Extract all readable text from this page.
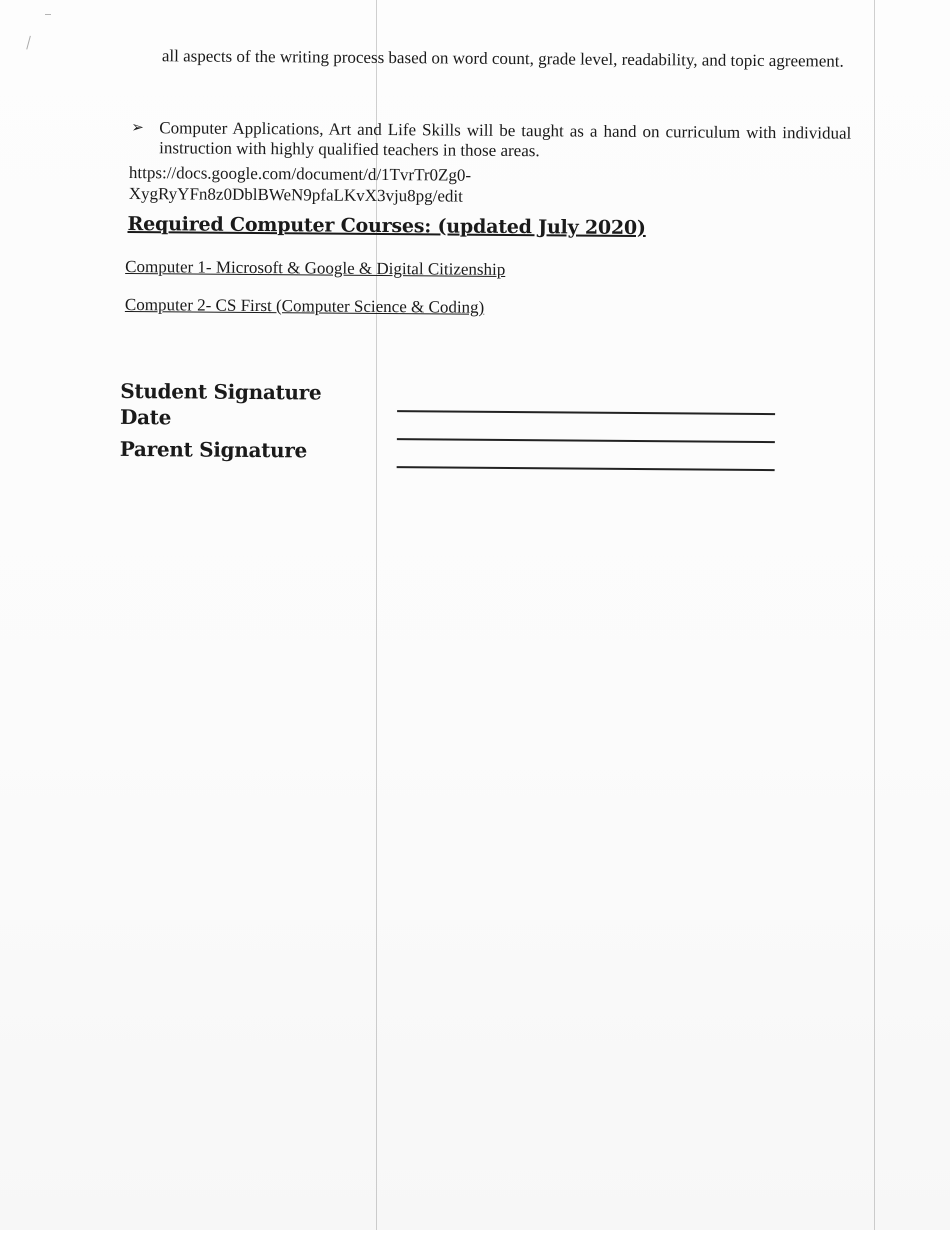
all aspects of the writing process based on word count, grade level, readability, and topic agreement.
➢ Computer Applications, Art and Life Skills will be taught as a hand on curriculum with individual instruction with highly qualified teachers in those areas.
https://docs.google.com/document/d/1TvrTr0Zg0-
XygRyYFn8z0DblBWeN9pfaLKvX3vju8pg/edit
Required Computer Courses: (updated July 2020)
Computer 1- Microsoft & Google & Digital Citizenship
Computer 2- CS First (Computer Science & Coding)
Student Signature
Date
Parent Signature
